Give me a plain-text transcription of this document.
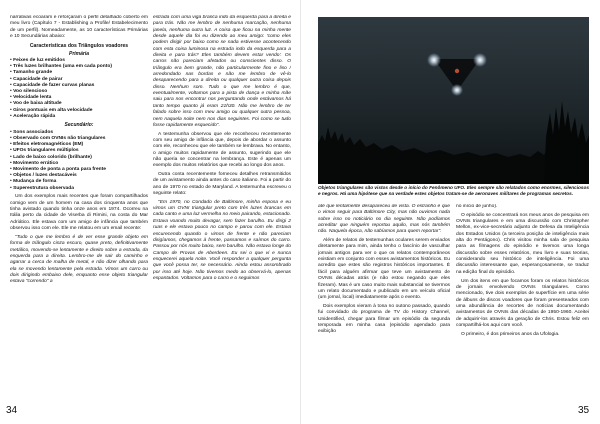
narrativas ecoaram e reforçaram o perfil detalhado coberto em meu livro (Capítulo 7 - Establishing a Profile/ Estabelecimento de um perfil). Nomeadamente, as 10 características Primárias e 10 Secundárias abaixo:

Características dos Triângulos voadores
Primária
• Feixes de luz emitidos
• Três luzes brilhantes (uma em cada ponto)
• Tamanho grande
• Capacidade de pairar
• Capacidade de fazer curvas planas
• Voo silencioso
• Velocidade lenta
• Voo de baixa altitude
• Giros pontuais em alta velocidade
• Aceleração rápida
Secundário:
• Sons associados
• Observado com OVNIs não triangulares
• Efeitos eletromagnéticos (EM)
• UFOs triangulares múltiplos
• Lado de baixo colorido (brilhante)
• Movimento errático
• Movimento de ponta a ponta para frente
• Objetos / luzes destacáveis
• Mudança de forma
• Superestrutura observada

Um dos exemplos mais recentes que foram compartilhados comigo vem de um homem na casa dos cinquenta anos que tinha avistado quando tinha onze anos em 1974. Ocorreu na Itália perto da cidade de Viserba di Rimini, na costa do Mar Adriático. Ele estava com um amigo de infância que também observou isso com ele. Ele me relatou em um email recente:

"Tudo o que me lembro é de ver esse grande objeto em forma de triângulo cinza escuro, quase preto, definitivamente metálico, movendo-se lentamente e direito sobre a estrada, da esquerda para a direita. Lembro-me de sair do caminho e agarrar a cerca de malha de metal, e não dizer olhando para ela se movendo lentamente pela estrada. Vimos um carro ou dois dirigindo embaixo dele, enquanto esse objeto triangular estava "correndo" a

estrada com uma viga branca indo da esquerda para a direita e para trás. Não me lembro de nenhuma marcação, nenhuma janela, nenhuma outra luz. A coisa que ficou na minha mente desde aquele dia foi eu dizendo ao meu amigo: 'como eles podem dirigir por baixo como se nada estivesse acontecendo com esta coisa luminosa na estrada indo da esquerda para a direita e para trás? Eles também devem estar vendo'. Os carros não pareciam afetados ou conscientes disso. O triângulo era bem grande, não particularmente fino e liso / arredondado nas bordas e não me lembro de vê-lo desaparecendo para a direita ou qualquer outra coisa depois disso. Nenhum som. Tudo o que me lembro é que, eventualmente, voltamos para a pista de dança e minha mãe saiu para nos encontrar nos perguntando onde estávamos há tanto tempo quanto já eram 21h30. Não me lembro de ter falado sobre isso com meu amigo ou qualquer outra pessoa, nem naquela noite nem nos dias seguintes. Foi como se tudo fosse rapidamente esquecido".

A testemunha observou que ele reconheceu recentemente com seu amigo de infância que, depois de abordar o assunto com ele, reconheceu que ele também se lembrava. No entanto, o amigo muitos rapidamente de assunto, sugerindo que ele não queria se concentrar na lembrança. Este é apenas um exemplo dos muitos relatórios que recebi ao longo dos anos.

Outra conta recentemente forneceu detalhes retransmitidos de um avistamento ainda antes do caso italiano. Foi a partir do ano de 1970 no estado de Maryland. A testemunha escreveu o seguinte relato:

"Em 1970, no Condado de Baltimore, minha esposa e eu vimos um OVNI triangular preto com três luzes brancas em cada canto e uma luz vermelha no meio pairando, estacionado. Estava voando muito devagar, sem fazer barulho. Eu dirigi 2 ruas e ele estava pouco no campo e parou com ele. Estava escurecendo quando o vimos de frente e não pareciam dirigíamos, chegamos à frente, passamos e saímos do carro. Passou por nós muito baixo, sem barulho. Não estava longe do Campo de Provas de Aberdeen. Eu sei o que vi e nunca esquecerei aquela noite. Você responder a qualquer pergunta que você possa ter, se necessário. Ainda estou assombrado por isso até hoje. Não tivemos medo ao observá-lo, apenas espantados. Voltamos para o carro e o seguimos

34
Objetos triangulares são vistos desde o início do Fenômeno UFO. Eles sempre são relatados como enormes, silenciosos e negros. Há uma hipótese que na verdade estes objetos tratam-se de aeronaves militares de programas secretos.

até que lentamente desapareceu de vista. O estranho é que o vimos seguir para Baltimore City, mas não ouvimos nada sobre isso no noticiário no dia seguinte. Não podíamos acreditar que ninguém reportou aquilo, mas nós também não. Naquela época, não sabíamos para quem reportar".

Além de relatos de testemunhas oculares serem enviados diretamente para mim, ainda tenho o fascínio de vasculhar jornais antigos para ver o que os relatos contemporâneos existiam em conjunto com esses avistamentos históricos. Eu acredito que estes são registros históricos importantes. É fácil para alguém afirmar que teve um avistamento de OVNIs décadas atrás (e não estou negando que eles fizeram). Mas é um caso muito mais substancial se tivermos um relato documentado e publicado em um veículo oficial (um jornal, local) imediatamente após o evento.

Dois exemplos vieram à tona no outono passado, quando fui convidado do programa de TV do History Channel, Unidentified, chegar para filmar um episódio da segunda temporada em minha casa (episódio agendado para exibição

no início de junho).

O episódio se concentrará nos meus anos de pesquisa em OVNIs triangulares e em uma discussão com Christopher Mellon, ex-vice-secretário adjunto de Defesa da Inteligência dos Estados Unidos (a terceira posição de inteligência mais alta do Pentágono). Chris visitou minha sala de pesquisa para as filmagens do episódio e tivemos uma longa discussão sobre esses relatórios, meu livro e suas teorias, considerando seu histórico de inteligência. Foi uma discussão interessante que, esperançosamente, se traduz na edição final do episódio.

Um dos itens em que focamos foram os relatos históricos de jornais envolvendo OVNIs triangulares. Como mencionado, tive dois exemplos de superfície em uma série de álbuns de discos voadores que foram presenteados com uma abundância de recortes de notícias documentando avistamentos de OVNIs das décadas de 1950-1960. Aceitei de adquirir-los através da geração de Chris. Estou feliz em compartilhá-los aqui com você.

O primeiro, é dos primeiros anos da Ufologia.

35
